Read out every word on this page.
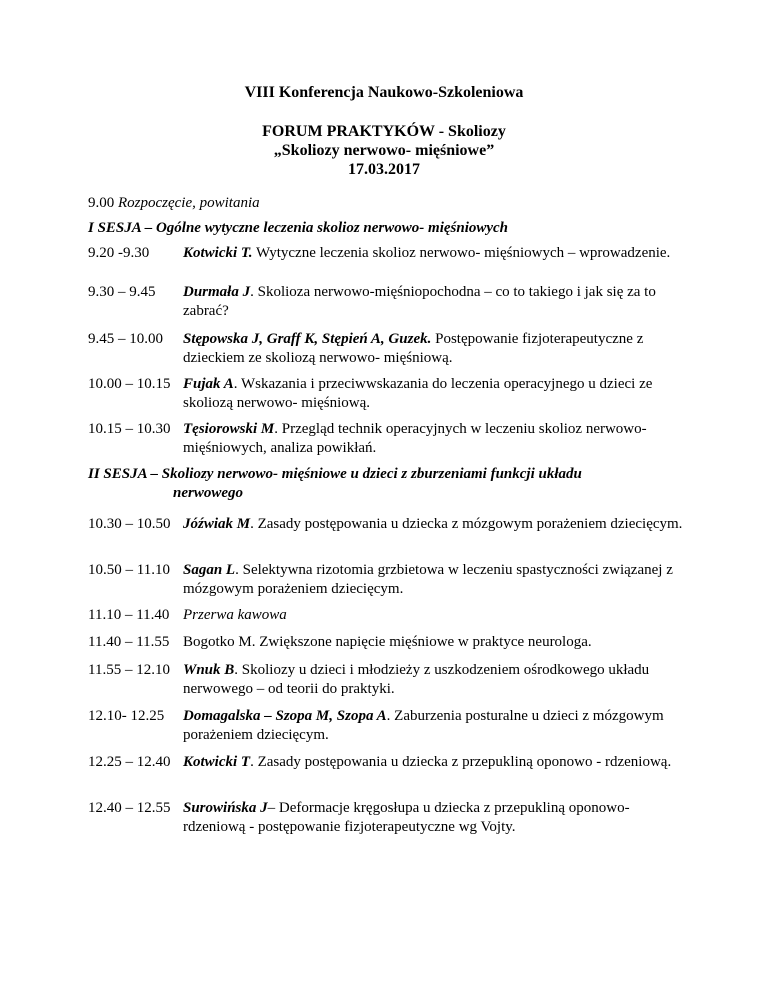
VIII Konferencja Naukowo-Szkoleniowa
FORUM PRAKTYKÓW - Skoliozy
„Skoliozy nerwowo- mięśniowe”
17.03.2017
9.00 Rozpoczęcie, powitania
I SESJA – Ogólne wytyczne leczenia skolioz nerwowo- mięśniowych
9.20 -9.30 Kotwicki T. Wytyczne leczenia skolioz nerwowo- mięśniowych – wprowadzenie.
9.30 – 9.45 Durmała J. Skolioza nerwowo-mięśniopochodna – co to takiego i jak się za to zabrać?
9.45 – 10.00 Stępowska J, Graff K, Stępień A, Guzek. Postępowanie fizjoterapeutyczne z dzieckiem ze skoliozą nerwowo- mięśniową.
10.00 – 10.15 Fujak A. Wskazania i przeciwwskazania do leczenia operacyjnego u dzieci ze skoliozą nerwowo- mięśniową.
10.15 – 10.30 Tęsiorowski M. Przegląd technik operacyjnych w leczeniu skolioz nerwowo-mięśniowych, analiza powikłań.
II SESJA – Skoliozy nerwowo- mięśniowe u dzieci z zburzeniami funkcji układu
nerwowego
10.30 – 10.50 Jóźwiak M. Zasady postępowania u dziecka z mózgowym porażeniem dziecięcym.
10.50 – 11.10 Sagan L. Selektywna rizotomia grzbietowa w leczeniu spastyczności związanej z mózgowym porażeniem dziecięcym.
11.10 – 11.40 Przerwa kawowa
11.40 – 11.55 Bogotko M. Zwiększone napięcie mięśniowe w praktyce neurologa.
11.55 – 12.10 Wnuk B. Skoliozy u dzieci i młodzieży z uszkodzeniem ośrodkowego układu nerwowego – od teorii do praktyki.
12.10- 12.25 Domagalska – Szopa M, Szopa A. Zaburzenia posturalne u dzieci z mózgowym porażeniem dziecięcym.
12.25 – 12.40 Kotwicki T. Zasady postępowania u dziecka z przepukliną oponowo - rdzeniową.
12.40 – 12.55 Surowińska J– Deformacje kręgosłupa u dziecka z przepukliną oponowo-rdzeniową - postępowanie fizjoterapeutyczne wg Vojty.
